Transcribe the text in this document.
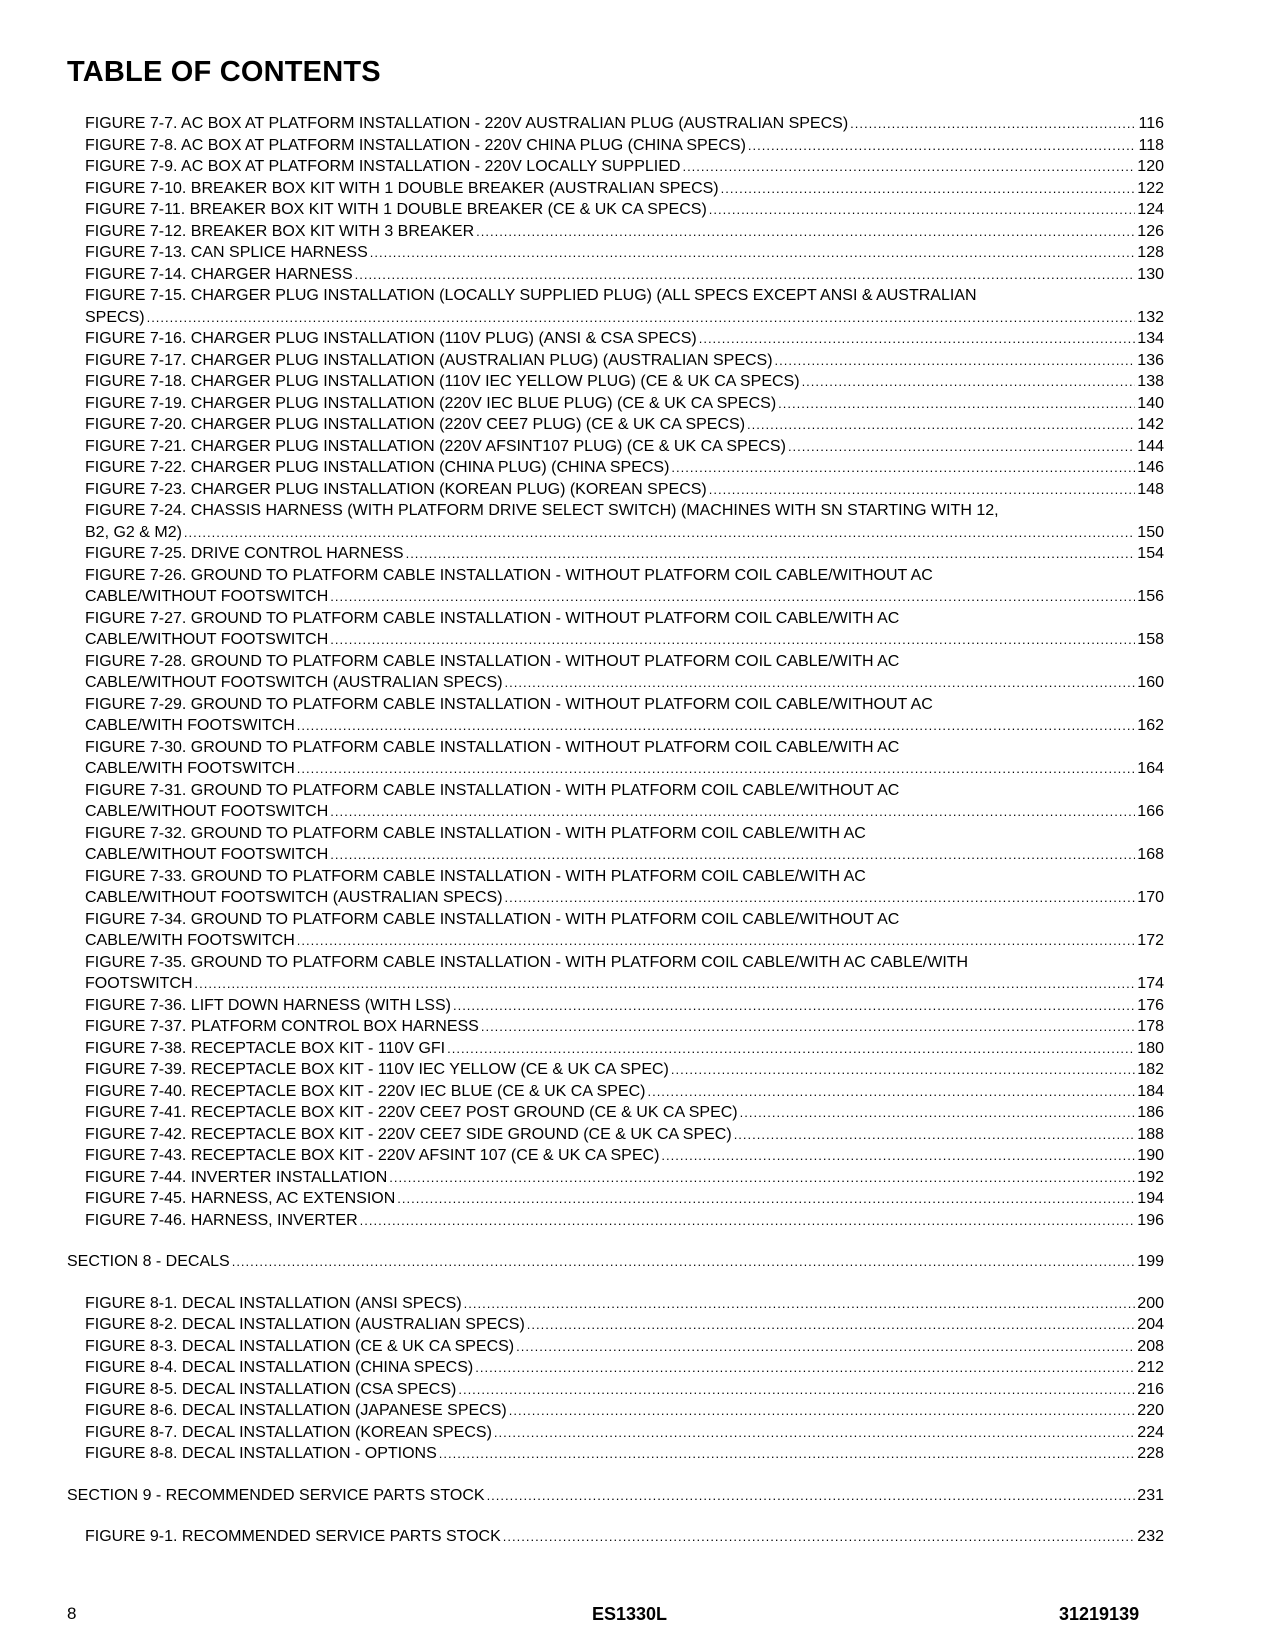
TABLE OF CONTENTS
FIGURE 7-7. AC BOX AT PLATFORM INSTALLATION - 220V AUSTRALIAN PLUG (AUSTRALIAN SPECS) .....	116
FIGURE 7-8. AC BOX AT PLATFORM INSTALLATION - 220V CHINA PLUG (CHINA SPECS) .....	118
FIGURE 7-9. AC BOX AT PLATFORM INSTALLATION - 220V LOCALLY SUPPLIED .....	120
FIGURE 7-10. BREAKER BOX KIT WITH 1 DOUBLE BREAKER (AUSTRALIAN SPECS) .....	122
FIGURE 7-11. BREAKER BOX KIT WITH 1 DOUBLE BREAKER (CE & UK CA SPECS) .....	124
FIGURE 7-12. BREAKER BOX KIT WITH 3 BREAKER .....	126
FIGURE 7-13. CAN SPLICE HARNESS .....	128
FIGURE 7-14. CHARGER HARNESS .....	130
FIGURE 7-15. CHARGER PLUG INSTALLATION (LOCALLY SUPPLIED PLUG) (ALL SPECS EXCEPT ANSI & AUSTRALIAN
SPECS) .....	132
FIGURE 7-16. CHARGER PLUG INSTALLATION (110V PLUG) (ANSI & CSA SPECS) .....	134
FIGURE 7-17. CHARGER PLUG INSTALLATION (AUSTRALIAN PLUG) (AUSTRALIAN SPECS) .....	136
FIGURE 7-18. CHARGER PLUG INSTALLATION (110V IEC YELLOW PLUG) (CE & UK CA SPECS) .....	138
FIGURE 7-19. CHARGER PLUG INSTALLATION (220V IEC BLUE PLUG) (CE & UK CA SPECS) .....	140
FIGURE 7-20. CHARGER PLUG INSTALLATION (220V CEE7 PLUG) (CE & UK CA SPECS) .....	142
FIGURE 7-21. CHARGER PLUG INSTALLATION (220V AFSINT107 PLUG) (CE & UK CA SPECS) .....	144
FIGURE 7-22. CHARGER PLUG INSTALLATION (CHINA PLUG) (CHINA SPECS) .....	146
FIGURE 7-23. CHARGER PLUG INSTALLATION (KOREAN PLUG) (KOREAN SPECS) .....	148
FIGURE 7-24. CHASSIS HARNESS (WITH PLATFORM DRIVE SELECT SWITCH) (MACHINES WITH SN STARTING WITH 12,
B2, G2 & M2) .....	150
FIGURE 7-25. DRIVE CONTROL HARNESS .....	154
FIGURE 7-26. GROUND TO PLATFORM CABLE INSTALLATION - WITHOUT PLATFORM COIL CABLE/WITHOUT AC
CABLE/WITHOUT FOOTSWITCH .....	156
FIGURE 7-27. GROUND TO PLATFORM CABLE INSTALLATION - WITHOUT PLATFORM COIL CABLE/WITH AC
CABLE/WITHOUT FOOTSWITCH .....	158
FIGURE 7-28. GROUND TO PLATFORM CABLE INSTALLATION - WITHOUT PLATFORM COIL CABLE/WITH AC
CABLE/WITHOUT FOOTSWITCH (AUSTRALIAN SPECS) .....	160
FIGURE 7-29. GROUND TO PLATFORM CABLE INSTALLATION - WITHOUT PLATFORM COIL CABLE/WITHOUT AC
CABLE/WITH FOOTSWITCH .....	162
FIGURE 7-30. GROUND TO PLATFORM CABLE INSTALLATION - WITHOUT PLATFORM COIL CABLE/WITH AC
CABLE/WITH FOOTSWITCH .....	164
FIGURE 7-31. GROUND TO PLATFORM CABLE INSTALLATION - WITH PLATFORM COIL CABLE/WITHOUT AC
CABLE/WITHOUT FOOTSWITCH .....	166
FIGURE 7-32. GROUND TO PLATFORM CABLE INSTALLATION - WITH PLATFORM COIL CABLE/WITH AC
CABLE/WITHOUT FOOTSWITCH .....	168
FIGURE 7-33. GROUND TO PLATFORM CABLE INSTALLATION - WITH PLATFORM COIL CABLE/WITH AC
CABLE/WITHOUT FOOTSWITCH (AUSTRALIAN SPECS) .....	170
FIGURE 7-34. GROUND TO PLATFORM CABLE INSTALLATION - WITH PLATFORM COIL CABLE/WITHOUT AC
CABLE/WITH FOOTSWITCH .....	172
FIGURE 7-35. GROUND TO PLATFORM CABLE INSTALLATION - WITH PLATFORM COIL CABLE/WITH AC CABLE/WITH
FOOTSWITCH .....	174
FIGURE 7-36. LIFT DOWN HARNESS (WITH LSS) .....	176
FIGURE 7-37. PLATFORM CONTROL BOX HARNESS .....	178
FIGURE 7-38. RECEPTACLE BOX KIT - 110V GFI .....	180
FIGURE 7-39. RECEPTACLE BOX KIT - 110V IEC YELLOW (CE & UK CA SPEC) .....	182
FIGURE 7-40. RECEPTACLE BOX KIT - 220V IEC BLUE (CE & UK CA SPEC) .....	184
FIGURE 7-41. RECEPTACLE BOX KIT - 220V CEE7 POST GROUND (CE & UK CA SPEC) .....	186
FIGURE 7-42. RECEPTACLE BOX KIT - 220V CEE7 SIDE GROUND (CE & UK CA SPEC) .....	188
FIGURE 7-43. RECEPTACLE BOX KIT - 220V AFSINT 107 (CE & UK CA SPEC) .....	190
FIGURE 7-44. INVERTER INSTALLATION .....	192
FIGURE 7-45. HARNESS, AC EXTENSION .....	194
FIGURE 7-46. HARNESS, INVERTER .....	196
SECTION 8 - DECALS .....	199
FIGURE 8-1. DECAL INSTALLATION (ANSI SPECS) .....	200
FIGURE 8-2. DECAL INSTALLATION (AUSTRALIAN SPECS) .....	204
FIGURE 8-3. DECAL INSTALLATION (CE & UK CA SPECS) .....	208
FIGURE 8-4. DECAL INSTALLATION (CHINA SPECS) .....	212
FIGURE 8-5. DECAL INSTALLATION (CSA SPECS) .....	216
FIGURE 8-6. DECAL INSTALLATION (JAPANESE SPECS) .....	220
FIGURE 8-7. DECAL INSTALLATION (KOREAN SPECS) .....	224
FIGURE 8-8. DECAL INSTALLATION - OPTIONS .....	228
SECTION 9 - RECOMMENDED SERVICE PARTS STOCK .....	231
FIGURE 9-1. RECOMMENDED SERVICE PARTS STOCK .....	232
8	ES1330L	31219139
